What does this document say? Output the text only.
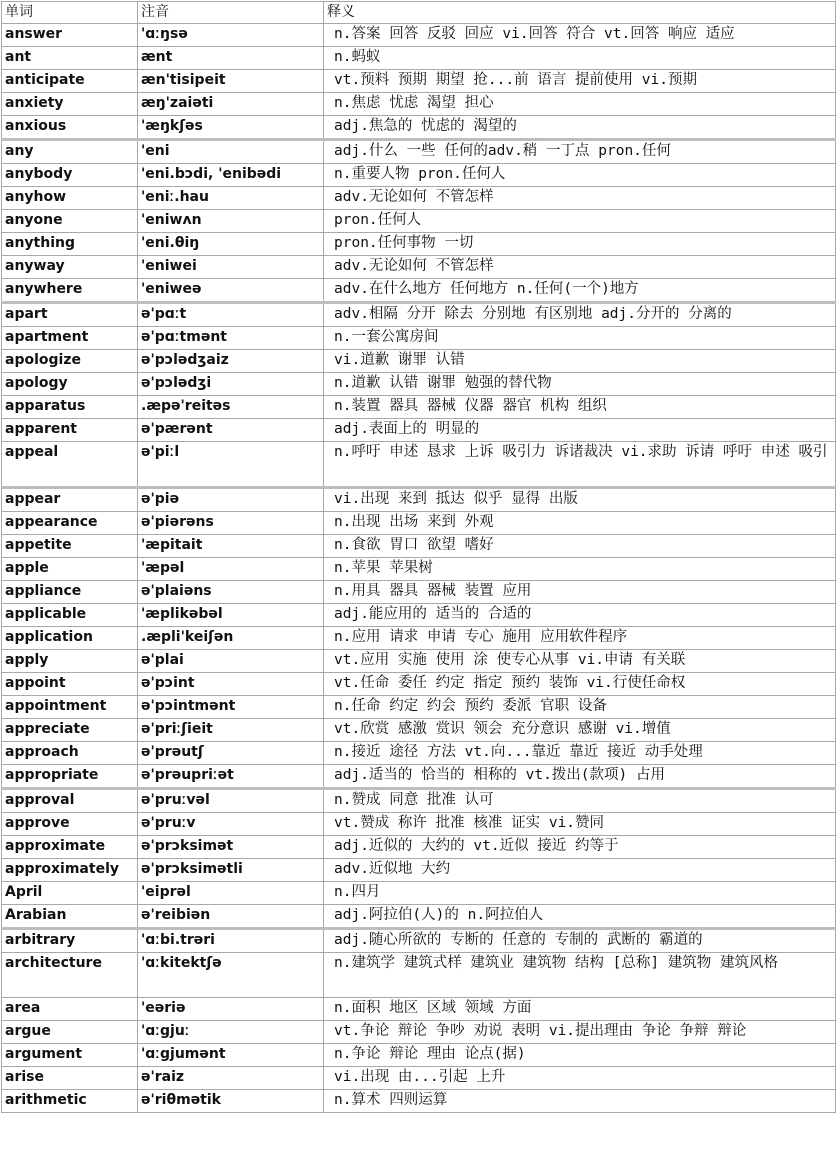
单词	注音	释义
answer	'ɑːŋsə	n.答案 回答 反驳 回应 vi.回答 符合 vt.回答 响应 适应
ant	ænt	n.蚂蚁
anticipate	æn'tisipeit	vt.预料 预期 期望 抢...前 语言 提前使用 vi.预期
anxiety	æŋ'zaiəti	n.焦虑 忧虑 渴望 担心
anxious	'æŋkʃəs	adj.焦急的 忧虑的 渴望的
any	'eni	adj.什么 一些 任何的adv.稍 一丁点 pron.任何
anybody	'eni.bɔdi, 'enibədi	n.重要人物 pron.任何人
anyhow	'eniː.hau	adv.无论如何 不管怎样
anyone	'eniwʌn	pron.任何人
anything	'eni.θiŋ	pron.任何事物 一切
anyway	'eniwei	adv.无论如何 不管怎样
anywhere	'eniweə	adv.在什么地方 任何地方 n.任何(一个)地方
apart	ə'pɑːt	adv.相隔 分开 除去 分别地 有区别地 adj.分开的 分离的
apartment	ə'pɑːtmənt	n.一套公寓房间
apologize	ə'pɔlədʒaiz	vi.道歉 谢罪 认错
apology	ə'pɔlədʒi	n.道歉 认错 谢罪 勉强的替代物
apparatus	.æpə'reitəs	n.装置 器具 器械 仪器 器官 机构 组织
apparent	ə'pærənt	adj.表面上的 明显的
appeal	ə'piːl	n.呼吁 申述 恳求 上诉 吸引力 诉诸裁决 vi.求助 诉请 呼吁 申述 吸引
appear	ə'piə	vi.出现 来到 抵达 似乎 显得 出版
appearance	ə'piərəns	n.出现 出场 来到 外观
appetite	'æpitait	n.食欲 胃口 欲望 嗜好
apple	'æpəl	n.苹果 苹果树
appliance	ə'plaiəns	n.用具 器具 器械 装置 应用
applicable	'æplikəbəl	adj.能应用的 适当的 合适的
application	.æpli'keiʃən	n.应用 请求 申请 专心 施用 应用软件程序
apply	ə'plai	vt.应用 实施 使用 涂 使专心从事 vi.申请 有关联
appoint	ə'pɔint	vt.任命 委任 约定 指定 预约 装饰 vi.行使任命权
appointment	ə'pɔintmənt	n.任命 约定 约会 预约 委派 官职 设备
appreciate	ə'priːʃieit	vt.欣赏 感激 赏识 领会 充分意识 感谢 vi.增值
approach	ə'prəutʃ	n.接近 途径 方法 vt.向...靠近 靠近 接近 动手处理
appropriate	ə'prəupriːət	adj.适当的 恰当的 相称的 vt.拨出(款项) 占用
approval	ə'pruːvəl	n.赞成 同意 批准 认可
approve	ə'pruːv	vt.赞成 称许 批准 核准 证实 vi.赞同
approximate	ə'prɔksimət	adj.近似的 大约的 vt.近似 接近 约等于
approximately	ə'prɔksimətli	adv.近似地 大约
April	'eiprəl	n.四月
Arabian	ə'reibiən	adj.阿拉伯(人)的 n.阿拉伯人
arbitrary	'ɑːbi.trəri	adj.随心所欲的 专断的 任意的 专制的 武断的 霸道的
architecture	'ɑːkitektʃə	n.建筑学 建筑式样 建筑业 建筑物 结构 [总称] 建筑物 建筑风格
area	'eəriə	n.面积 地区 区域 领域 方面
argue	'ɑːgjuː	vt.争论 辩论 争吵 劝说 表明 vi.提出理由 争论 争辩 辩论
argument	'ɑːgjumənt	n.争论 辩论 理由 论点(据)
arise	ə'raiz	vi.出现 由...引起 上升
arithmetic	ə'riθmətik	n.算术 四则运算
